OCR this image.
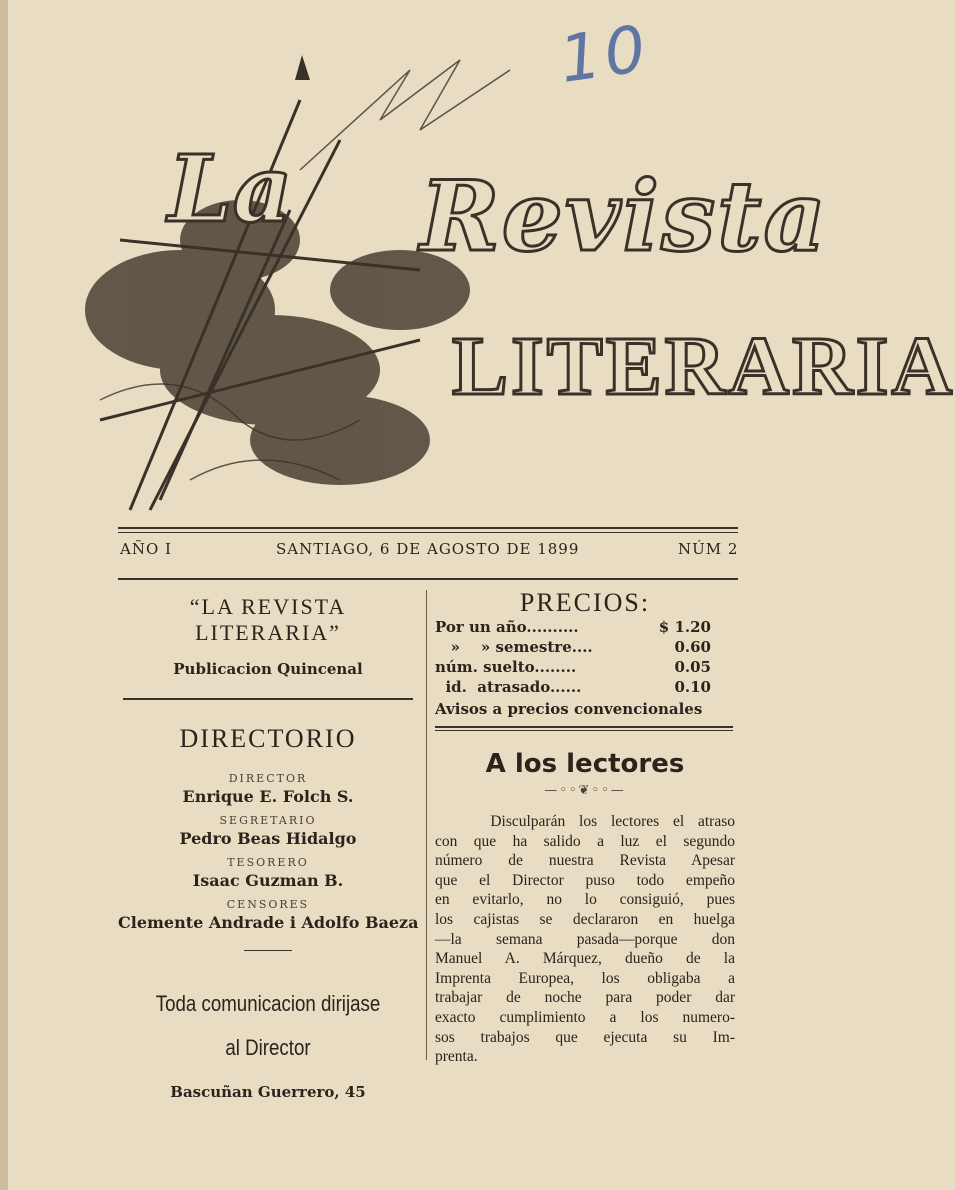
10
La Revista
LITERARIA
AÑO I	SANTIAGO, 6 DE AGOSTO DE 1899	NÚM 2
“LA REVISTA LITERARIA”
Publicacion Quincenal
DIRECTORIO
DIRECTOR
Enrique E. Folch S.
SEGRETARIO
Pedro Beas Hidalgo
TESORERO
Isaac Guzman B.
CENSORES
Clemente Andrade i Adolfo Baeza
Toda comunicacion dirijase
al Director
Bascuñan Guerrero, 45
PRECIOS:
Por un año..........	$ 1.20
»    » semestre....	0.60
núm. suelto........	0.05
id.  atrasado......	0.10
Avisos a precios convencionales
A los lectores
—◦◦❦◦◦—
Disculparán los lectores el atraso
con que ha salido a luz el segundo
número de nuestra Revista Apesar
que el Director puso todo empeño
en evitarlo, no lo consiguió, pues
los cajistas se declararon en huelga
—la semana pasada—porque don
Manuel A. Márquez, dueño de la
Imprenta Europea, los obligaba a
trabajar de noche para poder dar
exacto cumplimiento a los numero-
sos trabajos que ejecuta su Im-
prenta.
